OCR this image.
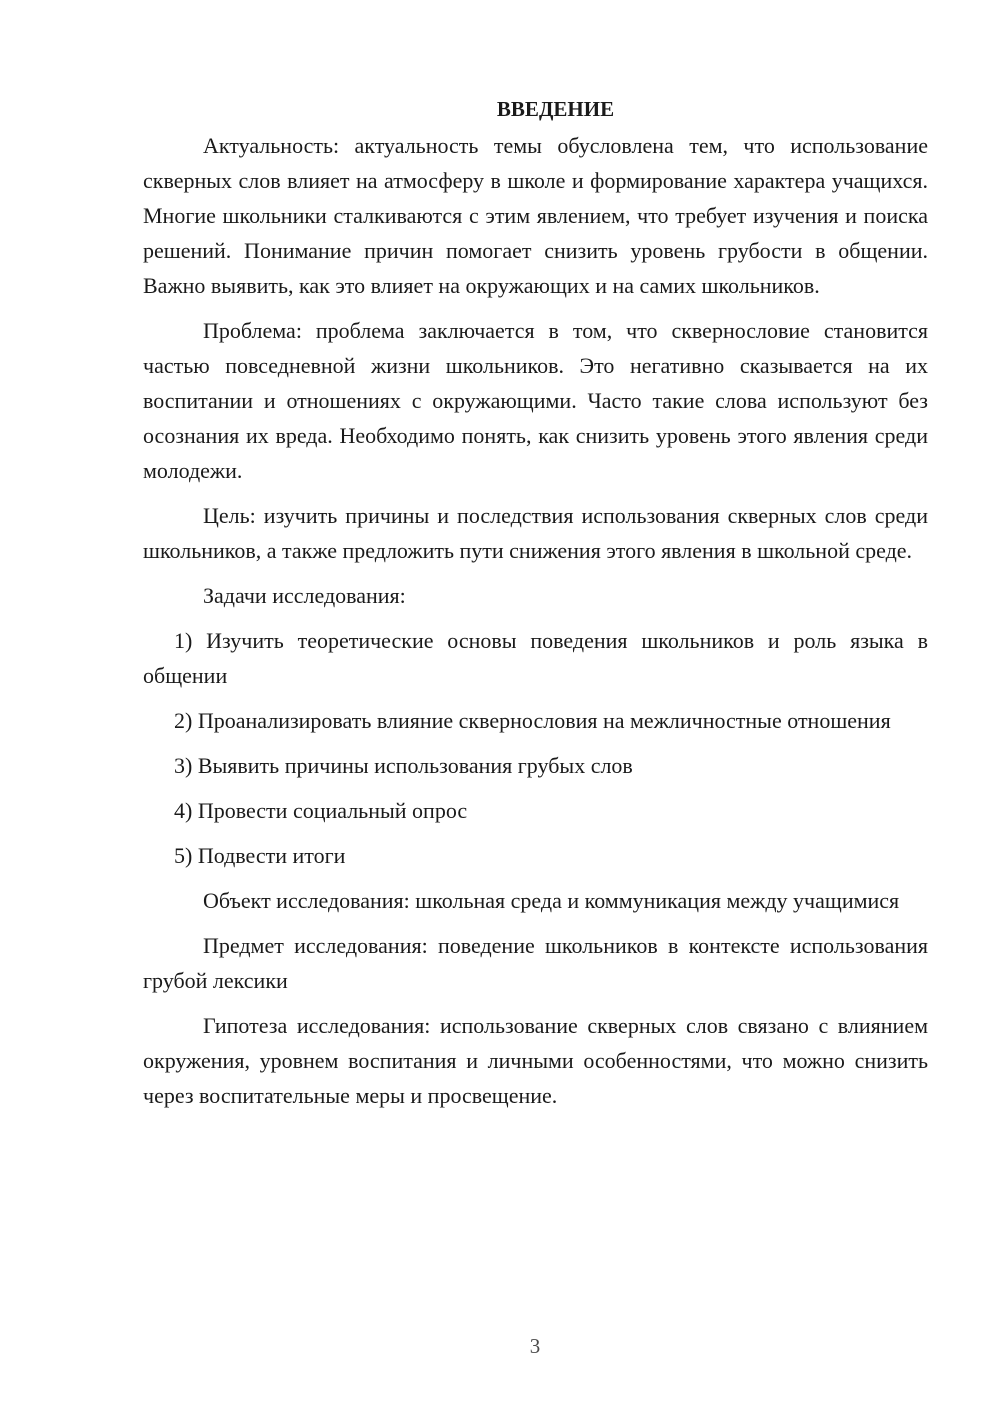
ВВЕДЕНИЕ

Актуальность: актуальность темы обусловлена тем, что использование скверных слов влияет на атмосферу в школе и формирование характера учащихся. Многие школьники сталкиваются с этим явлением, что требует изучения и поиска решений. Понимание причин помогает снизить уровень грубости в общении. Важно выявить, как это влияет на окружающих и на самих школьников.

Проблема: проблема заключается в том, что сквернословие становится частью повседневной жизни школьников. Это негативно сказывается на их воспитании и отношениях с окружающими. Часто такие слова используют без осознания их вреда. Необходимо понять, как снизить уровень этого явления среди молодежи.

Цель: изучить причины и последствия использования скверных слов среди школьников, а также предложить пути снижения этого явления в школьной среде.

Задачи исследования:

1) Изучить теоретические основы поведения школьников и роль языка в общении

2) Проанализировать влияние сквернословия на межличностные отношения

3) Выявить причины использования грубых слов

4) Провести социальный опрос

5) Подвести итоги

Объект исследования: школьная среда и коммуникация между учащимися

Предмет исследования: поведение школьников в контексте использования грубой лексики

Гипотеза исследования: использование скверных слов связано с влиянием окружения, уровнем воспитания и личными особенностями, что можно снизить через воспитательные меры и просвещение.

3
